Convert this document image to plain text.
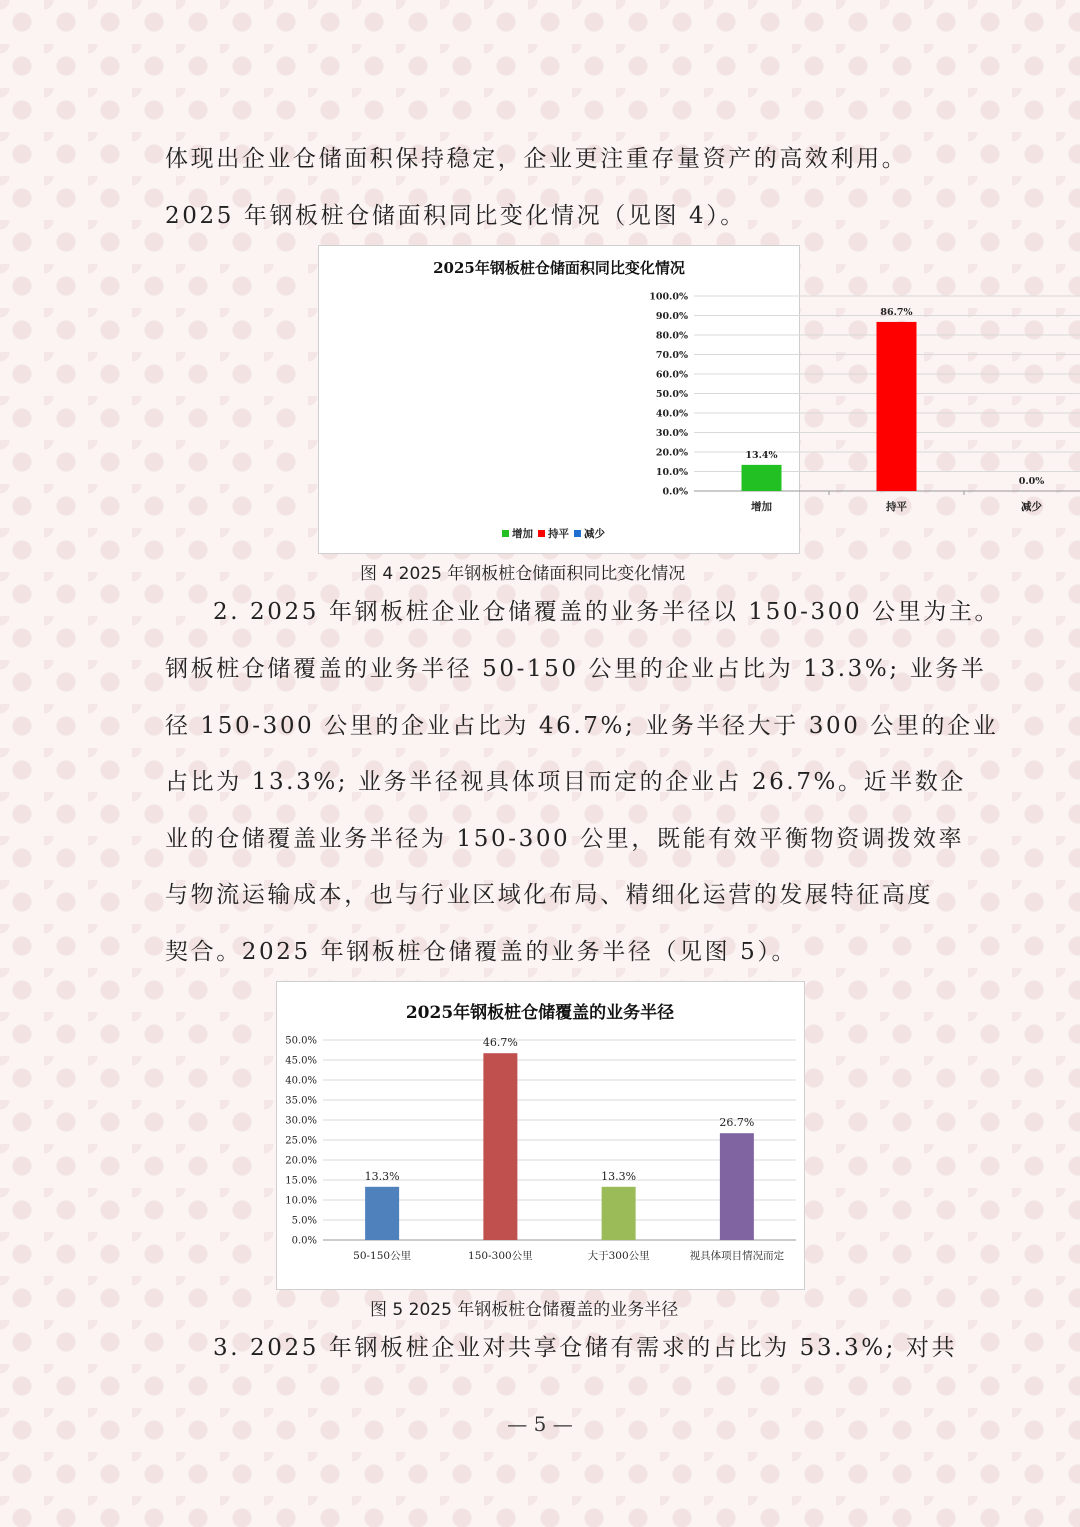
体现出企业仓储面积保持稳定，企业更注重存量资产的高效利用。

2025 年钢板桩仓储面积同比变化情况（见图 4）。

2025年钢板桩仓储面积同比变化情况
0.0%
10.0%
20.0%
30.0%
40.0%
50.0%
60.0%
70.0%
80.0%
90.0%
100.0%
13.4%
增加
86.7%
持平
0.0%
减少
增加 持平 减少

图 4 2025 年钢板桩仓储面积同比变化情况

2. 2025 年钢板桩企业仓储覆盖的业务半径以 150-300 公里为主。

钢板桩仓储覆盖的业务半径 50-150 公里的企业占比为 13.3%; 业务半

径 150-300 公里的企业占比为 46.7%; 业务半径大于 300 公里的企业

占比为 13.3%; 业务半径视具体项目而定的企业占 26.7%。近半数企

业的仓储覆盖业务半径为 150-300 公里，既能有效平衡物资调拨效率

与物流运输成本，也与行业区域化布局、精细化运营的发展特征高度

契合。2025 年钢板桩仓储覆盖的业务半径（见图 5）。

2025年钢板桩仓储覆盖的业务半径
0.0%
5.0%
10.0%
15.0%
20.0%
25.0%
30.0%
35.0%
40.0%
45.0%
50.0%
13.3%
50-150公里
46.7%
150-300公里
13.3%
大于300公里
26.7%
视具体项目情况而定

图 5 2025 年钢板桩仓储覆盖的业务半径

3. 2025 年钢板桩企业对共享仓储有需求的占比为 53.3%; 对共

— 5 —
